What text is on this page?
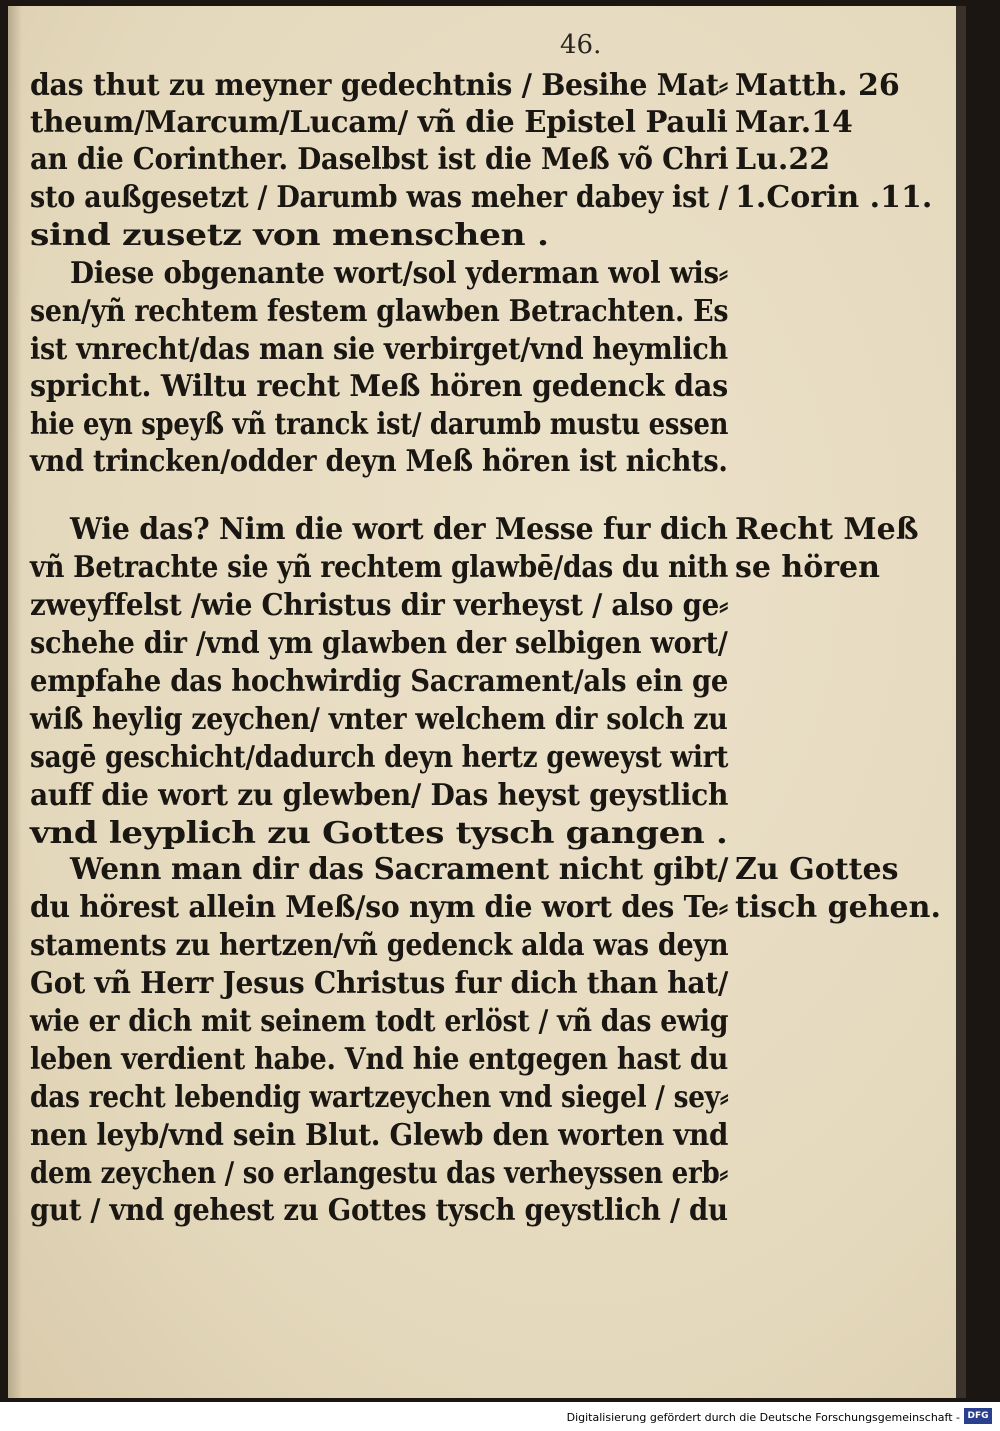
46.
das thut zu meyner gedechtnis / Besihe Mat⸗
theum/Marcum/Lucam/ vñ die Epistel Pauli
an die Corinther. Daselbst ist die Meß võ Chri
sto außgesetzt / Darumb was meher dabey ist /
sind zusetz von menschen .
Diese obgenante wort/sol yderman wol wis⸗
sen/yñ rechtem festem glawben Betrachten. Es
ist vnrecht/das man sie verbirget/vnd heymlich
spricht. Wiltu recht Meß hören gedenck das
hie eyn speyß vñ tranck ist/ darumb mustu essen
vnd trincken/odder deyn Meß hören ist nichts.
Wie das? Nim die wort der Messe fur dich
vñ Betrachte sie yñ rechtem glawbē/das du nith
zweyffelst /wie Christus dir verheyst / also ge⸗
schehe dir /vnd ym glawben der selbigen wort/
empfahe das hochwirdig Sacrament/als ein ge
wiß heylig zeychen/ vnter welchem dir solch zu
sagē geschicht/dadurch deyn hertz geweyst wirt
auff die wort zu glewben/ Das heyst geystlich
vnd leyplich zu Gottes tysch gangen .
Wenn man dir das Sacrament nicht gibt/
du hörest allein Meß/so nym die wort des Te⸗
staments zu hertzen/vñ gedenck alda was deyn
Got vñ Herr Jesus Christus fur dich than hat/
wie er dich mit seinem todt erlöst / vñ das ewig
leben verdient habe. Vnd hie entgegen hast du
das recht lebendig wartzeychen vnd siegel / sey⸗
nen leyb/vnd sein Blut. Glewb den worten vnd
dem zeychen / so erlangestu das verheyssen erb⸗
gut / vnd gehest zu Gottes tysch geystlich / du
Matth. 26
Mar.14
Lu.22
1.Corin .11.
Recht Meß
se hören
Zu Gottes
tisch gehen.
Digitalisierung gefördert durch die Deutsche Forschungsgemeinschaft - DFG
